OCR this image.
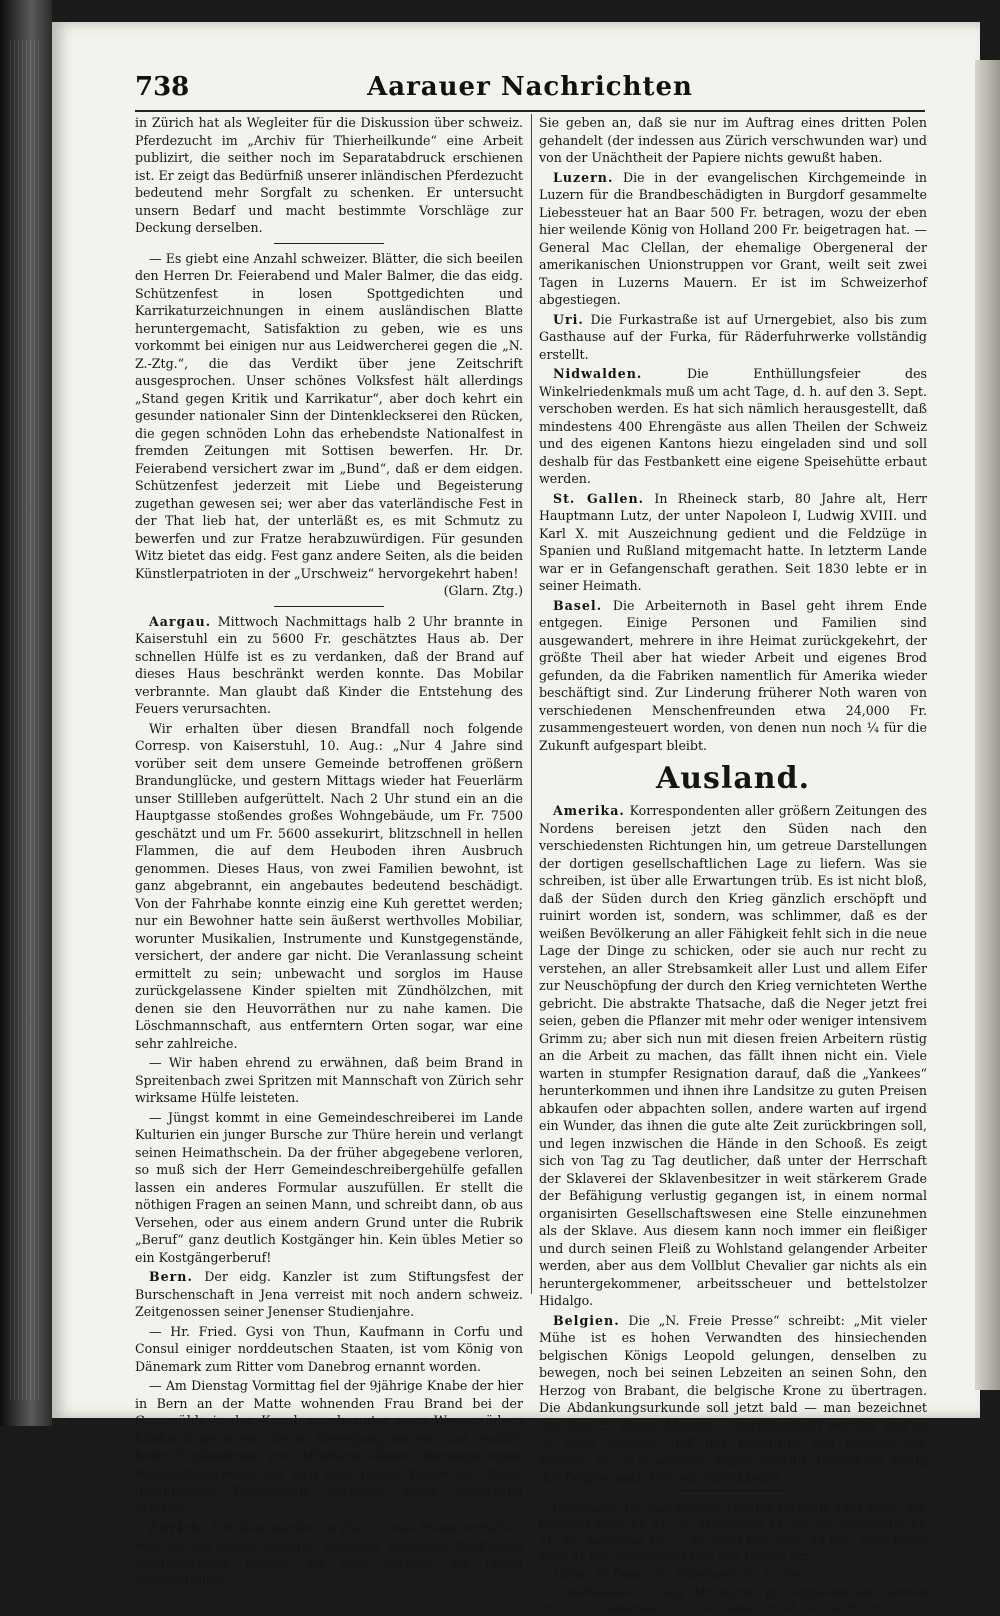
738	Aarauer Nachrichten

in Zürich hat als Wegleiter für die Diskussion über schweiz. Pferdezucht im „Archiv für Thierheilkunde“ eine Arbeit publizirt, die seither noch im Separatabdruck erschienen ist. Er zeigt das Bedürfniß unserer inländischen Pferdezucht bedeutend mehr Sorgfalt zu schenken. Er untersucht unsern Bedarf und macht bestimmte Vorschläge zur Deckung derselben.

— Es giebt eine Anzahl schweizer. Blätter, die sich beeilen den Herren Dr. Feierabend und Maler Balmer, die das eidg. Schützenfest in losen Spottgedichten und Karrikaturzeichnungen in einem ausländischen Blatte heruntergemacht, Satisfaktion zu geben, wie es uns vorkommt bei einigen nur aus Leidwercherei gegen die „N. Z.-Ztg.“, die das Verdikt über jene Zeitschrift ausgesprochen. Unser schönes Volksfest hält allerdings „Stand gegen Kritik und Karrikatur“, aber doch kehrt ein gesunder nationaler Sinn der Dintenkleckserei den Rücken, die gegen schnöden Lohn das erhebendste Nationalfest in fremden Zeitungen mit Sottisen bewerfen. Hr. Dr. Feierabend versichert zwar im „Bund“, daß er dem eidgen. Schützenfest jederzeit mit Liebe und Begeisterung zugethan gewesen sei; wer aber das vaterländische Fest in der That lieb hat, der unterläßt es, es mit Schmutz zu bewerfen und zur Fratze herabzuwürdigen. Für gesunden Witz bietet das eidg. Fest ganz andere Seiten, als die beiden Künstlerpatrioten in der „Urschweiz“ hervorgekehrt haben!
(Glarn. Ztg.)

Aargau. Mittwoch Nachmittags halb 2 Uhr brannte in Kaiserstuhl ein zu 5600 Fr. geschätztes Haus ab. Der schnellen Hülfe ist es zu verdanken, daß der Brand auf dieses Haus beschränkt werden konnte. Das Mobilar verbrannte. Man glaubt daß Kinder die Entstehung des Feuers verursachten.

Wir erhalten über diesen Brandfall noch folgende Corresp. von Kaiserstuhl, 10. Aug.: „Nur 4 Jahre sind vorüber seit dem unsere Gemeinde betroffenen größern Brandunglücke, und gestern Mittags wieder hat Feuerlärm unser Stillleben aufgerüttelt. Nach 2 Uhr stund ein an die Hauptgasse stoßendes großes Wohngebäude, um Fr. 7500 geschätzt und um Fr. 5600 assekurirt, blitzschnell in hellen Flammen, die auf dem Heuboden ihren Ausbruch genommen. Dieses Haus, von zwei Familien bewohnt, ist ganz abgebrannt, ein angebautes bedeutend beschädigt. Von der Fahrhabe konnte einzig eine Kuh gerettet werden; nur ein Bewohner hatte sein äußerst werthvolles Mobiliar, worunter Musikalien, Instrumente und Kunstgegenstände, versichert, der andere gar nicht. Die Veranlassung scheint ermittelt zu sein; unbewacht und sorglos im Hause zurückgelassene Kinder spielten mit Zündhölzchen, mit denen sie den Heuvorräthen nur zu nahe kamen. Die Löschmannschaft, aus entferntern Orten sogar, war eine sehr zahlreiche.

— Wir haben ehrend zu erwähnen, daß beim Brand in Spreitenbach zwei Spritzen mit Mannschaft von Zürich sehr wirksame Hülfe leisteten.

— Jüngst kommt in eine Gemeindeschreiberei im Lande Kulturien ein junger Bursche zur Thüre herein und verlangt seinen Heimathschein. Da der früher abgegebene verloren, so muß sich der Herr Gemeindeschreibergehülfe gefallen lassen ein anderes Formular auszufüllen. Er stellt die nöthigen Fragen an seinen Mann, und schreibt dann, ob aus Versehen, oder aus einem andern Grund unter die Rubrik „Beruf“ ganz deutlich Kostgänger hin. Kein übles Metier so ein Kostgängerberuf!

Bern. Der eidg. Kanzler ist zum Stiftungsfest der Burschenschaft in Jena verreist mit noch andern schweiz. Zeitgenossen seiner Jenenser Studienjahre.

— Hr. Fried. Gysi von Thun, Kaufmann in Corfu und Consul einiger norddeutschen Staaten, ist vom König von Dänemark zum Ritter vom Danebrog ernannt worden.

— Am Dienstag Vormittag fiel der 9jährige Knabe der hier in Bern an der Matte wohnenden Frau Brand bei der Gypsmühle in den Kanal, wurde unter neun Wasserrädern hindurch gerissen, die in Bewegung waren, und endlich beim Hopfenkranz von Arbeitern lebend herausgezogen. Wunderbarerweise hat sich aber dieser Knabe bei dieser gefährlichen Wasserfahrt durchaus keine Verletzung erlitten.

Zürich. Letzthin wurden in Zürich zwei Polen verhaftet, weil sie bei einem hiesigen Banquier russische Banknoten ausgewechselt hatten, die sich nachher als falsch herausstellten.

Sie geben an, daß sie nur im Auftrag eines dritten Polen gehandelt (der indessen aus Zürich verschwunden war) und von der Unächtheit der Papiere nichts gewußt haben.

Luzern. Die in der evangelischen Kirchgemeinde in Luzern für die Brandbeschädigten in Burgdorf gesammelte Liebessteuer hat an Baar 500 Fr. betragen, wozu der eben hier weilende König von Holland 200 Fr. beigetragen hat. — General Mac Clellan, der ehemalige Obergeneral der amerikanischen Unionstruppen vor Grant, weilt seit zwei Tagen in Luzerns Mauern. Er ist im Schweizerhof abgestiegen.

Uri. Die Furkastraße ist auf Urnergebiet, also bis zum Gasthause auf der Furka, für Räderfuhrwerke vollständig erstellt.

Nidwalden.	Die Enthüllungsfeier des Winkelriedenkmals muß um acht Tage, d. h. auf den 3. Sept. verschoben werden. Es hat sich nämlich herausgestellt, daß mindestens 400 Ehrengäste aus allen Theilen der Schweiz und des eigenen Kantons hiezu eingeladen sind und soll deshalb für das Festbankett eine eigene Speisehütte erbaut werden.

St. Gallen. In Rheineck starb, 80 Jahre alt, Herr Hauptmann Lutz, der unter Napoleon I, Ludwig XVIII. und Karl X. mit Auszeichnung gedient und die Feldzüge in Spanien und Rußland mitgemacht hatte. In letzterm Lande war er in Gefangenschaft gerathen. Seit 1830 lebte er in seiner Heimath.

Basel. Die Arbeiternoth in Basel geht ihrem Ende entgegen. Einige Personen und Familien sind ausgewandert, mehrere in ihre Heimat zurückgekehrt, der größte Theil aber hat wieder Arbeit und eigenes Brod gefunden, da die Fabriken namentlich für Amerika wieder beschäftigt sind. Zur Linderung früherer Noth waren von verschiedenen Menschenfreunden etwa 24,000 Fr. zusammengesteuert worden, von denen nun noch ¼ für die Zukunft aufgespart bleibt.

Ausland.

Amerika. Korrespondenten aller größern Zeitungen des Nordens bereisen jetzt den Süden nach den verschiedensten Richtungen hin, um getreue Darstellungen der dortigen gesellschaftlichen Lage zu liefern. Was sie schreiben, ist über alle Erwartungen trüb. Es ist nicht bloß, daß der Süden durch den Krieg gänzlich erschöpft und ruinirt worden ist, sondern, was schlimmer, daß es der weißen Bevölkerung an aller Fähigkeit fehlt sich in die neue Lage der Dinge zu schicken, oder sie auch nur recht zu verstehen, an aller Strebsamkeit aller Lust und allem Eifer zur Neuschöpfung der durch den Krieg vernichteten Werthe gebricht. Die abstrakte Thatsache, daß die Neger jetzt frei seien, geben die Pflanzer mit mehr oder weniger intensivem Grimm zu; aber sich nun mit diesen freien Arbeitern rüstig an die Arbeit zu machen, das fällt ihnen nicht ein. Viele warten in stumpfer Resignation darauf, daß die „Yankees“ herunterkommen und ihnen ihre Landsitze zu guten Preisen abkaufen oder abpachten sollen, andere warten auf irgend ein Wunder, das ihnen die gute alte Zeit zurückbringen soll, und legen inzwischen die Hände in den Schooß. Es zeigt sich von Tag zu Tag deutlicher, daß unter der Herrschaft der Sklaverei der Sklavenbesitzer in weit stärkerem Grade der Befähigung verlustig gegangen ist, in einem normal organisirten Gesellschaftswesen eine Stelle einzunehmen als der Sklave. Aus diesem kann noch immer ein fleißiger und durch seinen Fleiß zu Wohlstand gelangender Arbeiter werden, aber aus dem Vollblut Chevalier gar nichts als ein heruntergekommener, arbeitsscheuer und bettelstolzer Hidalgo.

Belgien. Die „N. Freie Presse“ schreibt: „Mit vieler Mühe ist es hohen Verwandten des hinsiechenden belgischen Königs Leopold gelungen, denselben zu bewegen, noch bei seinen Lebzeiten an seinen Sohn, den Herzog von Brabant, die belgische Krone zu übertragen. Die Abdankungsurkunde soll jetzt bald — man bezeichnet uns den 25. dieses Monats — veröffentlicht werden, und es ist wohl möglich, daß der Kronprinz von Belgien von Koburg, wo er in wenigen Tagen eintrifft, bereits als König der Belgier nach Brüssel zurückkehrt.“

Rorschach, 10. Aug. Kernen: Heutige Verkäufe 3497 Dopp.-Ztr. höchster Preis Fr. 24. 75. Mittelpreis Fr. 23. 66. Niedrigster Fr. 21. 50. Aufschlag Fr. —. 16. Zwei Pfd. Mehl 33 Cts., zwei Pfund Brod 31 Cts. Wochenverkäufe 958 Doppel-Ztr.

Hafer: 30 Dopp.-Ztr. Mittelpreis Fr. 17. 64.

Schaffhausen, 8. Aug. Mittelpreis pr. Doppelzentner: Kernen Fr. 23. 01, Aufschlag Fr. 0. 49; Haber Fr. 14. 50. bis Fr. 19. —.
